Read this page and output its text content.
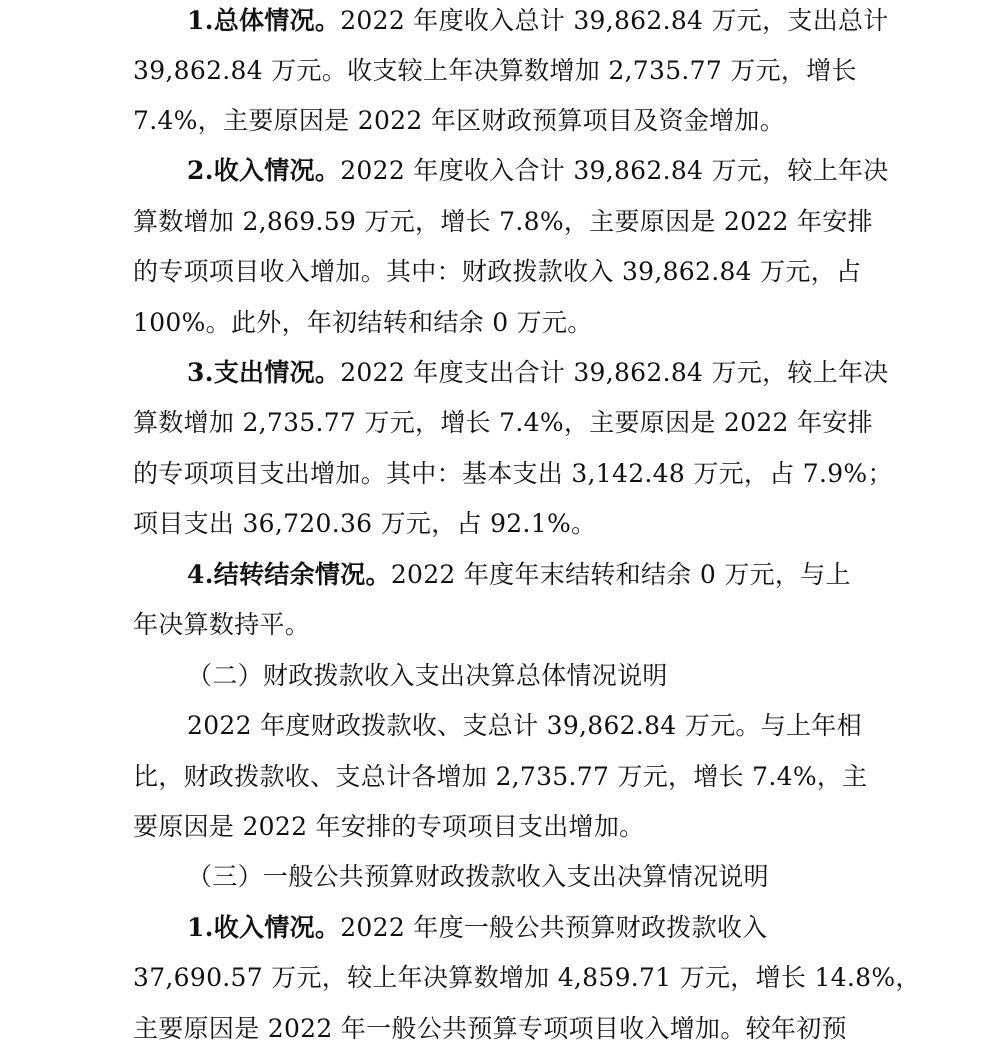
1.总体情况。2022 年度收入总计 39,862.84 万元，支出总计
39,862.84 万元。收支较上年决算数增加 2,735.77 万元，增长
7.4%，主要原因是 2022 年区财政预算项目及资金增加。
2.收入情况。2022 年度收入合计 39,862.84 万元，较上年决
算数增加 2,869.59 万元，增长 7.8%，主要原因是 2022 年安排
的专项项目收入增加。其中：财政拨款收入 39,862.84 万元，占
100%。此外，年初结转和结余 0 万元。
3.支出情况。2022 年度支出合计 39,862.84 万元，较上年决
算数增加 2,735.77 万元，增长 7.4%，主要原因是 2022 年安排
的专项项目支出增加。其中：基本支出 3,142.48 万元，占 7.9%；
项目支出 36,720.36 万元，占 92.1%。
4.结转结余情况。2022 年度年末结转和结余 0 万元，与上
年决算数持平。
（二）财政拨款收入支出决算总体情况说明
2022 年度财政拨款收、支总计 39,862.84 万元。与上年相
比，财政拨款收、支总计各增加 2,735.77 万元，增长 7.4%，主
要原因是 2022 年安排的专项项目支出增加。
（三）一般公共预算财政拨款收入支出决算情况说明
1.收入情况。2022 年度一般公共预算财政拨款收入
37,690.57 万元，较上年决算数增加 4,859.71 万元，增长 14.8%，
主要原因是 2022 年一般公共预算专项项目收入增加。较年初预
